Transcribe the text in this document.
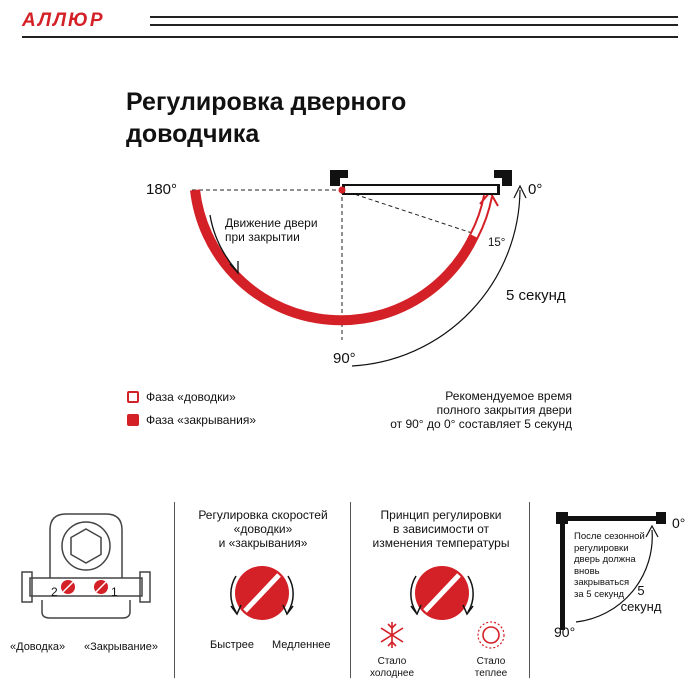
АЛЛЮР
Регулировка дверного
доводчика
180°	0°
90°
15°
Движение двери
при закрытии
5 секунд
Фаза «доводки»
Фаза «закрывания»
Рекомендуемое время
полного закрытия двери
от 90° до 0° составляет 5 секунд
2	1
«Доводка» «Закрывание»
Регулировка скоростей
«доводки»
и «закрывания»
Быстрее Медленнее
Принцип регулировки
в зависимости от
изменения температуры
Стало
холоднее
Стало
теплее
После сезонной
регулировки
дверь должна
вновь
закрываться
за 5 секунд
0°
90°
5
секунд
